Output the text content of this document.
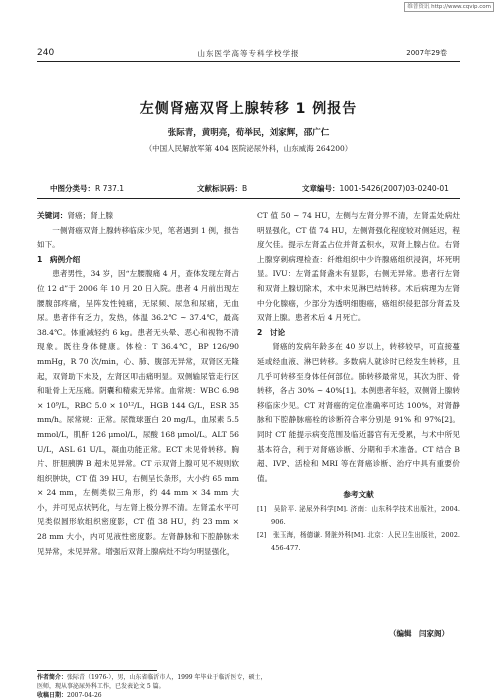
维普资讯 http://www.cqvip.com
240	山东医学高等专科学校学报	2007年29卷
左侧肾癌双肾上腺转移 1 例报告
张际青，黄明亮，荀举民，刘家辉，邵广仁
（中国人民解放军第 404 医院泌尿外科，山东威海 264200）
中图分类号：R 737.1	文献标识码：B	文章编号：1001-5426(2007)03-0240-01

关键词：肾癌；肾上腺

一侧肾癌双肾上腺转移临床少见，笔者遇到 1 例，报告如下。

1　病例介绍

患者男性，34 岁，因“左腰腹痛 4 月，查体发现左肾占位 12 d”于 2006 年 10 月 20 日入院。患者 4 月前出现左腰腹部疼痛，呈阵发性钝痛，无尿频、尿急和尿痛，无血尿。患者伴有乏力，发热，体温 36.2℃ ~ 37.4℃，最高 38.4℃。体重减轻约 6 kg。患者无头晕、恶心和视物不清现象。既往身体健康。体检：T 36.4℃，BP 126/90 mmHg，R 70 次/min，心、肺、腹部无异常，双肾区无隆起，双肾助下未及，左肾区叩击痛明显。双侧输尿管走行区和耻骨上无压痛。阴囊和精索无异常。血常规：WBC 6.98 × 10⁹/L，RBC 5.0 × 10¹²/L，HGB 144 G/L，ESR 35 mm/h。尿常规：正常。尿微球蛋白 20 mg/L，血尿素 5.5 mmol/L，肌酐 126 μmol/L，尿酸 168 μmol/L。ALT 56 U/L，ASL 61 U/L，凝血功能正常。ECT 未见骨转移。胸片、肝胆胰脾 B 超未见异常。CT 示双肾上腺可见不规则软组织肿块，CT 值 39 HU，右侧呈长条形，大小约 65 mm × 24 mm，左侧类似三角形，约 44 mm × 34 mm 大小，并可见点状钙化，与左肾上极分界不清。左肾孟水平可见类似圆形软组织密度影，CT 值 38 HU，约 23 mm × 28 mm 大小，内可见液性密度影。左肾静脉和下腔静脉未见异常，未见异常。增强后双肾上腺病灶不均匀明显强化，

CT 值 50 ~ 74 HU，左侧与左肾分界不清，左肾盂处病灶明显强化，CT 值 74 HU，左侧肾强化程度较对侧延迟，程度欠佳。提示左肾孟占位并肾孟积水，双肾上腺占位。右肾上腺穿刺病理检查：纤维组织中少许腺癌组织浸润，坏死明显。IVU：左肾孟肾盏未有显影，右侧无异常。患者行左肾和双肾上腺切除术，术中未见淋巴结转移。术后病理为左肾中分化腺癌，少部分为透明细胞癌，癌组织侵犯部分肾盂及双肾上腺。患者术后 4 月死亡。

2　讨论

肾癌的发病年龄多在 40 岁以上，转移较早，可直接蔓延或经血液、淋巴转移。多数病人就诊时已经发生转移，且几乎可转移至身体任何部位。肺转移最常见，其次为肝、骨转移，各占 30% ~ 40%[1]。本例患者年轻，双侧肾上腺转移临床少见。CT 对肾癌的定位准确率可达 100%，对肾静脉和下腔静脉癌栓的诊断符合率分别是 91% 和 97%[2]。同时 CT 能提示病变范围及临近器官有无受累，与术中所见基本符合，利于对肾癌诊断、分期和手术准备。CT 结合 B 超、IVP、活检和 MRI 等在肾癌诊断、治疗中具有重要价值。

参考文献

[1]　吴阶平. 泌尿外科学[M]. 济南：山东科学技术出版社，2004. 906.

[2]　张玉海，杨德谦. 肾脏外科[M]. 北京：人民卫生出版社，2002. 456-477.

（编辑　闫家阁）
作者简介：张际青（1976-），男，山东省临沂市人，1999 年毕业于临沂医专，硕士，医师，现从事泌尿外科工作，已发表论文 5 篇。
收稿日期：2007-04-26
